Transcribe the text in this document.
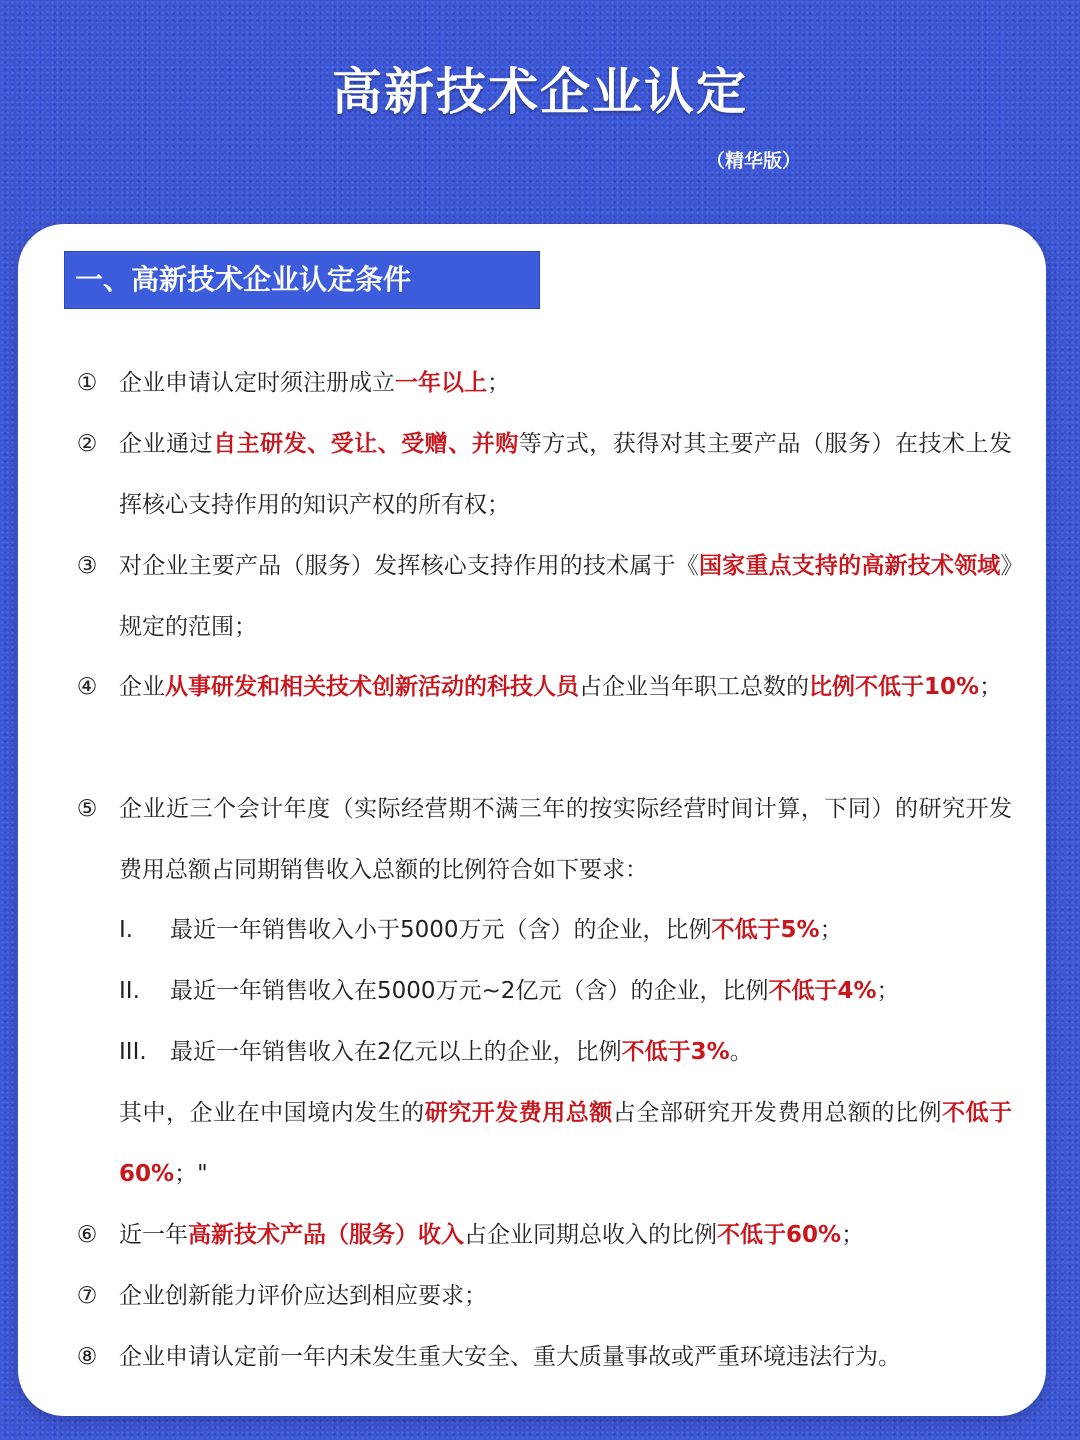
高新技术企业认定
（精华版）
一、高新技术企业认定条件
① 企业申请认定时须注册成立一年以上；
② 企业通过自主研发、受让、受赠、并购等方式，获得对其主要产品（服务）在技术上发挥核心支持作用的知识产权的所有权；
③ 对企业主要产品（服务）发挥核心支持作用的技术属于《国家重点支持的高新技术领域》规定的范围；
④ 企业从事研发和相关技术创新活动的科技人员占企业当年职工总数的比例不低于10%；
⑤ 企业近三个会计年度（实际经营期不满三年的按实际经营时间计算，下同）的研究开发费用总额占同期销售收入总额的比例符合如下要求：
I.	最近一年销售收入小于5000万元（含）的企业，比例不低于5%；
II.	最近一年销售收入在5000万元~2亿元（含）的企业，比例不低于4%；
III.	最近一年销售收入在2亿元以上的企业，比例不低于3%。
其中，企业在中国境内发生的研究开发费用总额占全部研究开发费用总额的比例不低于60%；"
⑥ 近一年高新技术产品（服务）收入占企业同期总收入的比例不低于60%；
⑦ 企业创新能力评价应达到相应要求；
⑧ 企业申请认定前一年内未发生重大安全、重大质量事故或严重环境违法行为。
